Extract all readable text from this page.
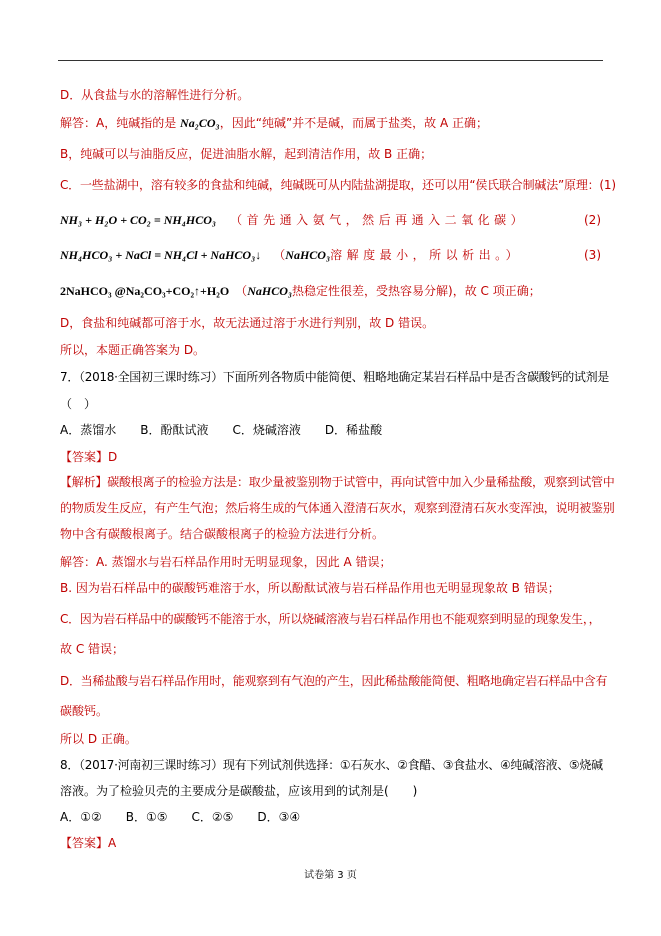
D．从食盐与水的溶解性进行分析。
解答：A，纯碱指的是 Na₂CO₃，因此“纯碱”并不是碱，而属于盐类，故 A 正确；
B，纯碱可以与油脂反应，促进油脂水解，起到清洁作用，故 B 正确；
C．一些盐湖中，溶有较多的食盐和纯碱，纯碱既可从内陆盐湖提取，还可以用“侯氏联合制碱法”原理：(1)
NH₃ + H₂O + CO₂ = NH₄HCO₃ （首先通入氨气，然后再通入二氧化碳）	(2)
NH₄HCO₃ + NaCl = NH₄Cl + NaHCO₃↓ （NaHCO₃溶解度最小，所以析出。）	(3)
2NaHCO₃ @Na₂CO₃+CO₂↑+H₂O （NaHCO₃热稳定性很差，受热容易分解)，故 C 项正确；
D，食盐和纯碱都可溶于水，故无法通过溶于水进行判别，故 D 错误。
所以，本题正确答案为 D。
7．（2018·全国初三课时练习）下面所列各物质中能简便、粗略地确定某岩石样品中是否含碳酸钙的试剂是
（　）
A．蒸馏水　　B．酚酞试液　　C．烧碱溶液　　D．稀盐酸
【答案】D
【解析】碳酸根离子的检验方法是：取少量被鉴别物于试管中，再向试管中加入少量稀盐酸，观察到试管中
的物质发生反应，有产生气泡；然后将生成的气体通入澄清石灰水，观察到澄清石灰水变浑浊，说明被鉴别
物中含有碳酸根离子。结合碳酸根离子的检验方法进行分析。
解答：A. 蒸馏水与岩石样品作用时无明显现象，因此 A 错误；
B. 因为岩石样品中的碳酸钙难溶于水，所以酚酞试液与岩石样品作用也无明显现象故 B 错误；
C．因为岩石样品中的碳酸钙不能溶于水，所以烧碱溶液与岩石样品作用也不能观察到明显的现象发生，，
故 C 错误；
D．当稀盐酸与岩石样品作用时，能观察到有气泡的产生，因此稀盐酸能简便、粗略地确定岩石样品中含有
碳酸钙。
所以 D 正确。
8．（2017·河南初三课时练习）现有下列试剂供选择：①石灰水、②食醋、③食盐水、④纯碱溶液、⑤烧碱
溶液。为了检验贝壳的主要成分是碳酸盐，应该用到的试剂是(　　)
A．①②　　B．①⑤　　C．②⑤　　D．③④
【答案】A
试卷第 3 页
